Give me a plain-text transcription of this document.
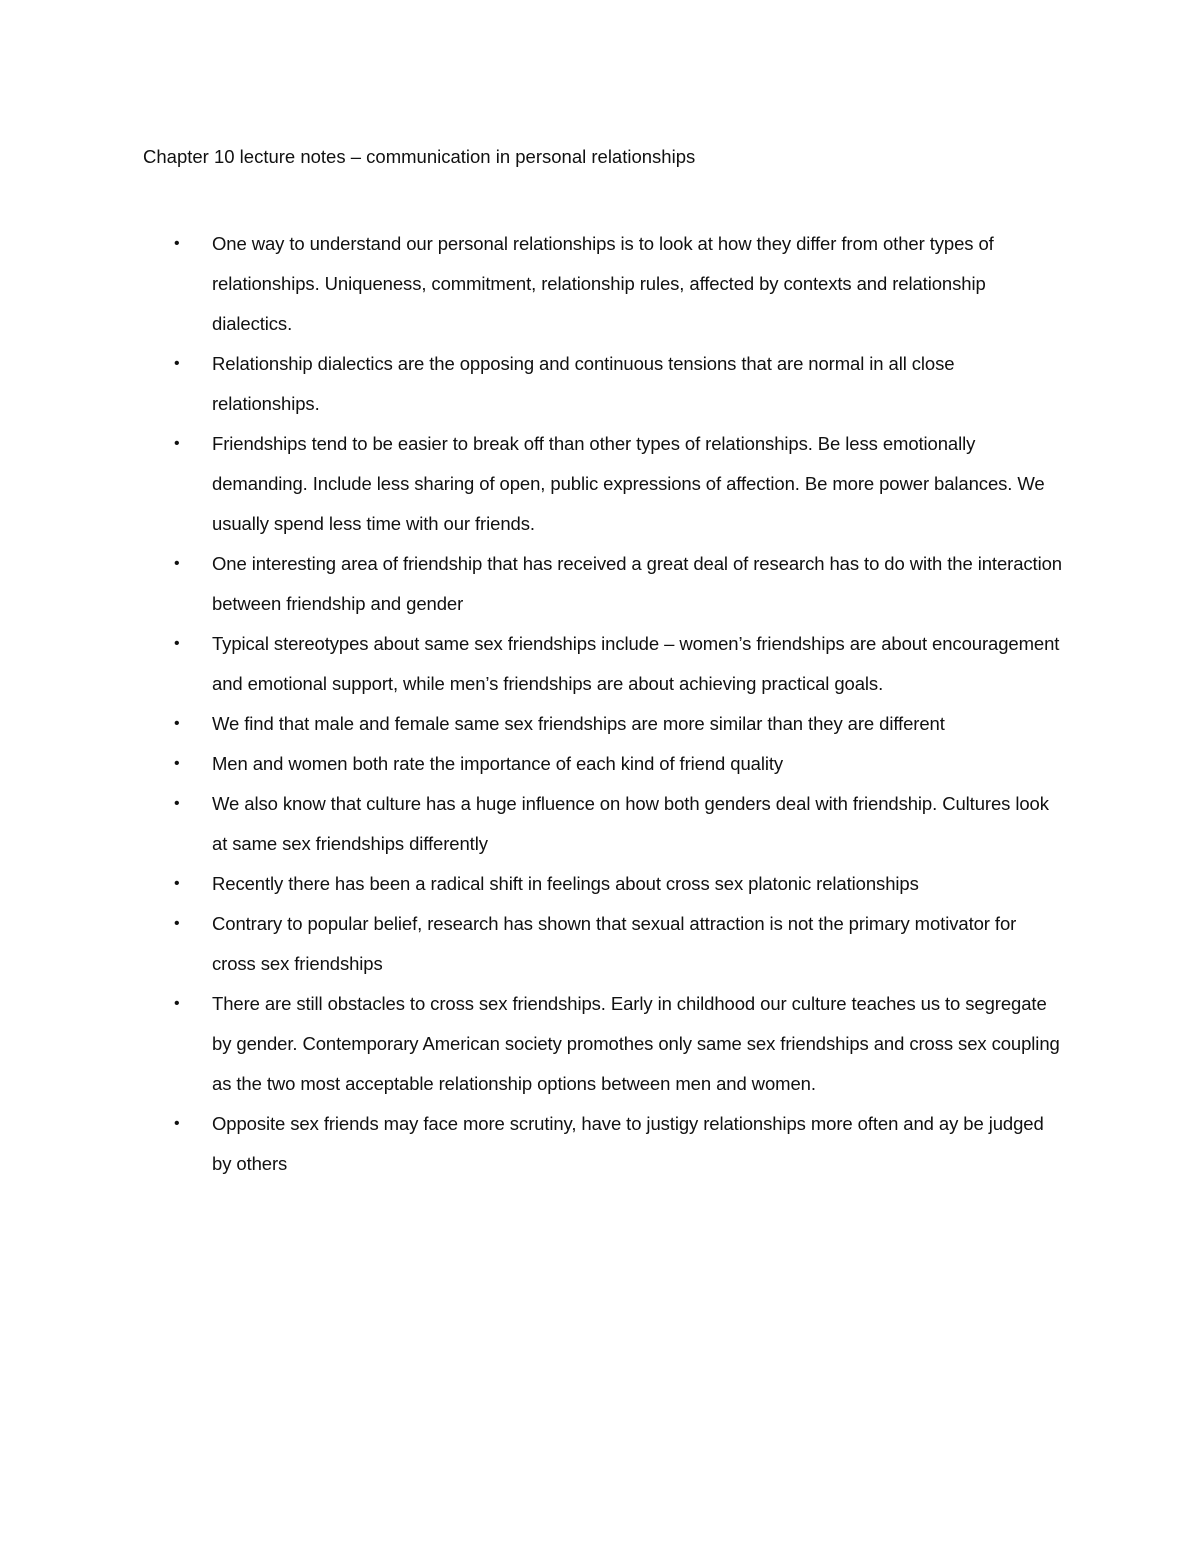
Chapter 10 lecture notes – communication in personal relationships
• One way to understand our personal relationships is to look at how they differ from other types of relationships. Uniqueness, commitment, relationship rules, affected by contexts and relationship dialectics.
• Relationship dialectics are the opposing and continuous tensions that are normal in all close relationships.
• Friendships tend to be easier to break off than other types of relationships. Be less emotionally demanding. Include less sharing of open, public expressions of affection. Be more power balances. We usually spend less time with our friends.
• One interesting area of friendship that has received a great deal of research has to do with the interaction between friendship and gender
• Typical stereotypes about same sex friendships include – women’s friendships are about encouragement and emotional support, while men’s friendships are about achieving practical goals.
• We find that male and female same sex friendships are more similar than they are different
• Men and women both rate the importance of each kind of friend quality
• We also know that culture has a huge influence on how both genders deal with friendship. Cultures look at same sex friendships differently
• Recently there has been a radical shift in feelings about cross sex platonic relationships
• Contrary to popular belief, research has shown that sexual attraction is not the primary motivator for cross sex friendships
• There are still obstacles to cross sex friendships. Early in childhood our culture teaches us to segregate by gender. Contemporary American society promothes only same sex friendships and cross sex coupling as the two most acceptable relationship options between men and women.
• Opposite sex friends may face more scrutiny, have to justigy relationships more often and ay be judged by others
